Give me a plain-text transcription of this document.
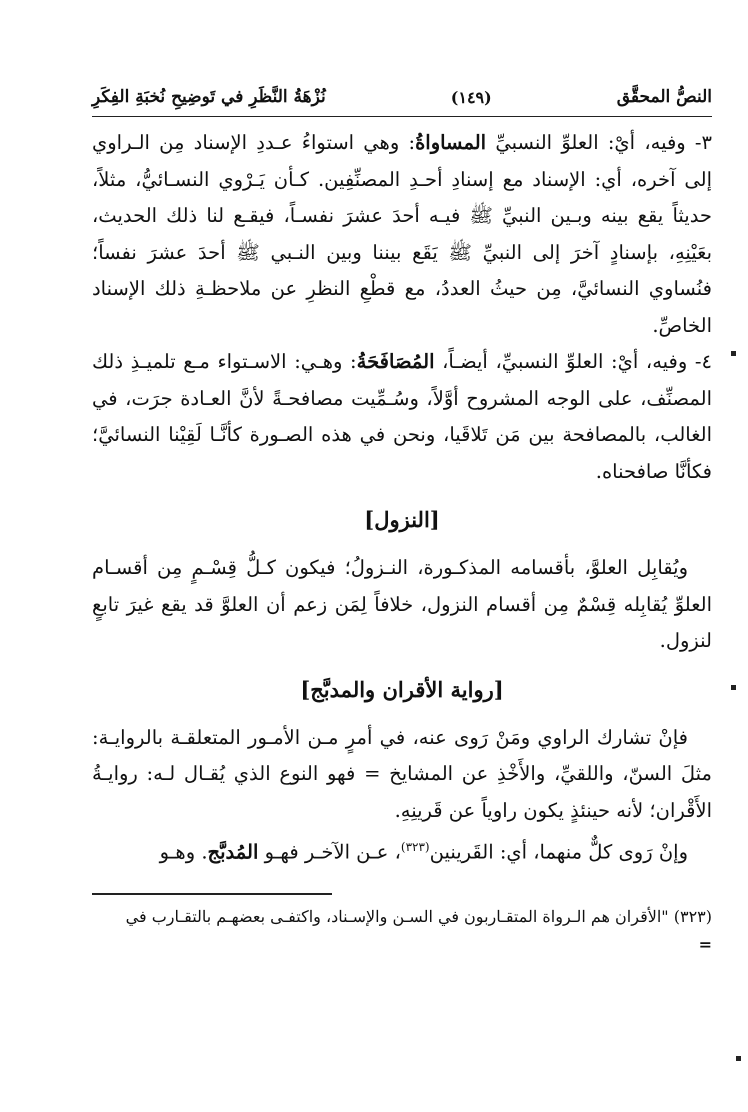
النصُّ المحقَّق
(١٤٩)
نُزْهَةُ النَّظَرِ في تَوضِيحِ نُخبَةِ الفِكَرِ

٣- وفيه، أيْ: العلوِّ النسبيِّ المساواةُ: وهي استواءُ عـددِ الإسناد مِن الـراوي إلى آخره، أي: الإسناد مع إسنادِ أحـدِ المصنِّفِين. كـأن يَـرْوي النسـائيُّ، مثلاً، حديثاً يقع بينه وبـين النبيِّ ﷺ فيـه أحدَ عشرَ نفسـاً، فيقـع لنا ذلك الحديث، بعَيْنِهِ، بإسنادٍ آخرَ إلى النبيِّ ﷺ يَقَع بيننا وبين النـبي ﷺ أحدَ عشرَ نفساً؛ فنُساوي النسائيَّ، مِن حيثُ العددُ، مع قطْعِ النظرِ عن ملاحظـةِ ذلك الإسناد الخاصِّ.

٤- وفيه، أيْ: العلوِّ النسبيِّ، أيضـاً، المُصَافَحَةُ: وهـي: الاسـتواء مـع تلميـذِ ذلك المصنِّف، على الوجه المشروح أوَّلاً، وسُـمِّيت مصافحـةً لأنَّ العـادة جرَت، في الغالب، بالمصافحة بين مَن تَلاقَيا، ونحن في هذه الصـورة كأنَّـا لَقِيْنا النسائيَّ؛ فكأنَّا صافحناه.

[النزول]

ويُقابِل العلوَّ، بأقسامه المذكـورة، النـزولُ؛ فيكون كـلُّ قِسْـمٍ مِن أقسـام العلوِّ يُقابِله قِسْمٌ مِن أقسام النزول، خلافاً لِمَن زعم أن العلوَّ قد يقع غيرَ تابعٍ لنزول.

[رواية الأقران والمدبَّج]

فإنْ تشارك الراوي ومَنْ رَوى عنه، في أمرٍ مـن الأمـور المتعلقـة بالروايـة: مثلَ السنّ، واللقيِّ، والأَخْذِ عن المشايخ = فهو النوع الذي يُقـال لـه: روايـةُ الأَقْران؛ لأنه حينئذٍ يكون راوياً عن قَرينِهِ.

وإنْ رَوى كلٌّ منهما، أي: القَرينين$^{(٣٢٣)}$، عـن الآخـر فهـو المُدبَّج. وهـو

(٣٢٣) "الأقران هم الـرواة المتقـاربون في السـن والإسـناد، واكتفـى بعضهـم بالتقـارب في
=
